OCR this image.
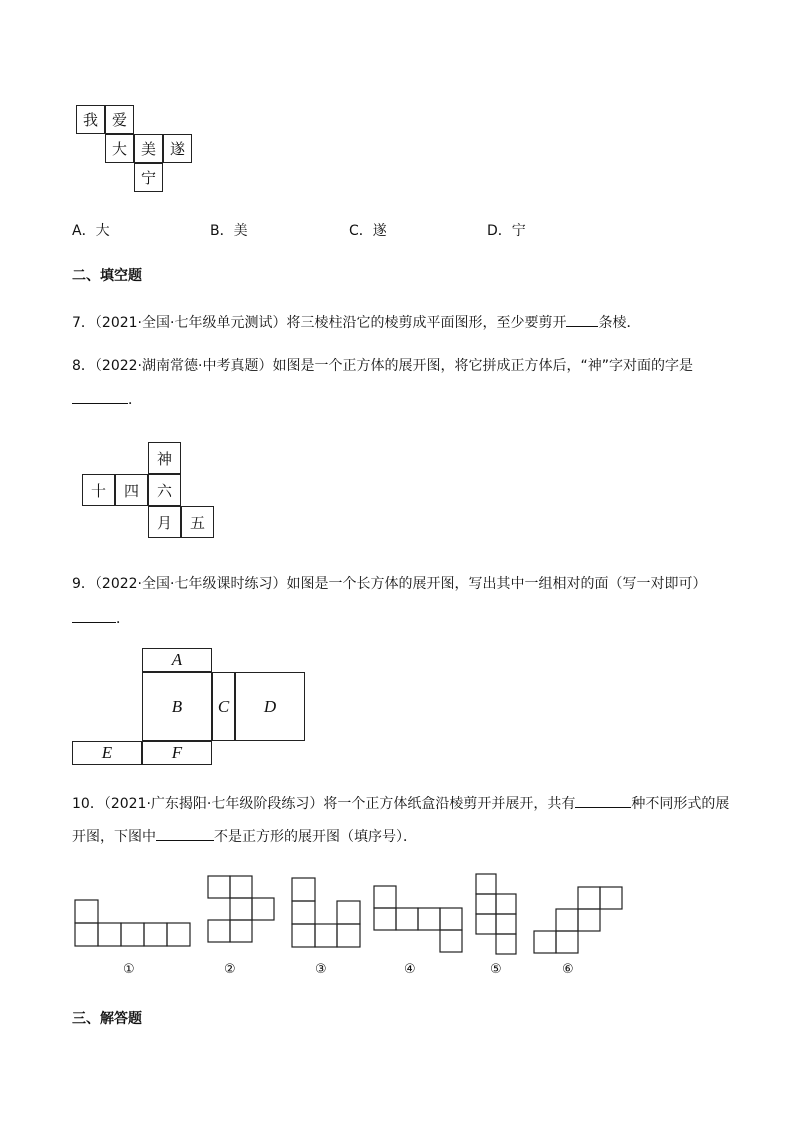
我 爱
大 美 遂
宁
A．大	B．美	C．遂	D．宁
二、填空题
7．（2021·全国·七年级单元测试）将三棱柱沿它的棱剪成平面图形，至少要剪开 条棱．
8．（2022·湖南常德·中考真题）如图是一个正方体的展开图，将它拼成正方体后，“神”字对面的字是
．
神
十	四	六
月	五
9．（2022·全国·七年级课时练习）如图是一个长方体的展开图，写出其中一组相对的面（写一对即可）
．
A
B	C	D
E	F
10．（2021·广东揭阳·七年级阶段练习）将一个正方体纸盒沿棱剪开并展开，共有	种不同形式的展
开图，下图中	不是正方形的展开图（填序号）．
①	②	③	④	⑤	⑥
三、解答题
